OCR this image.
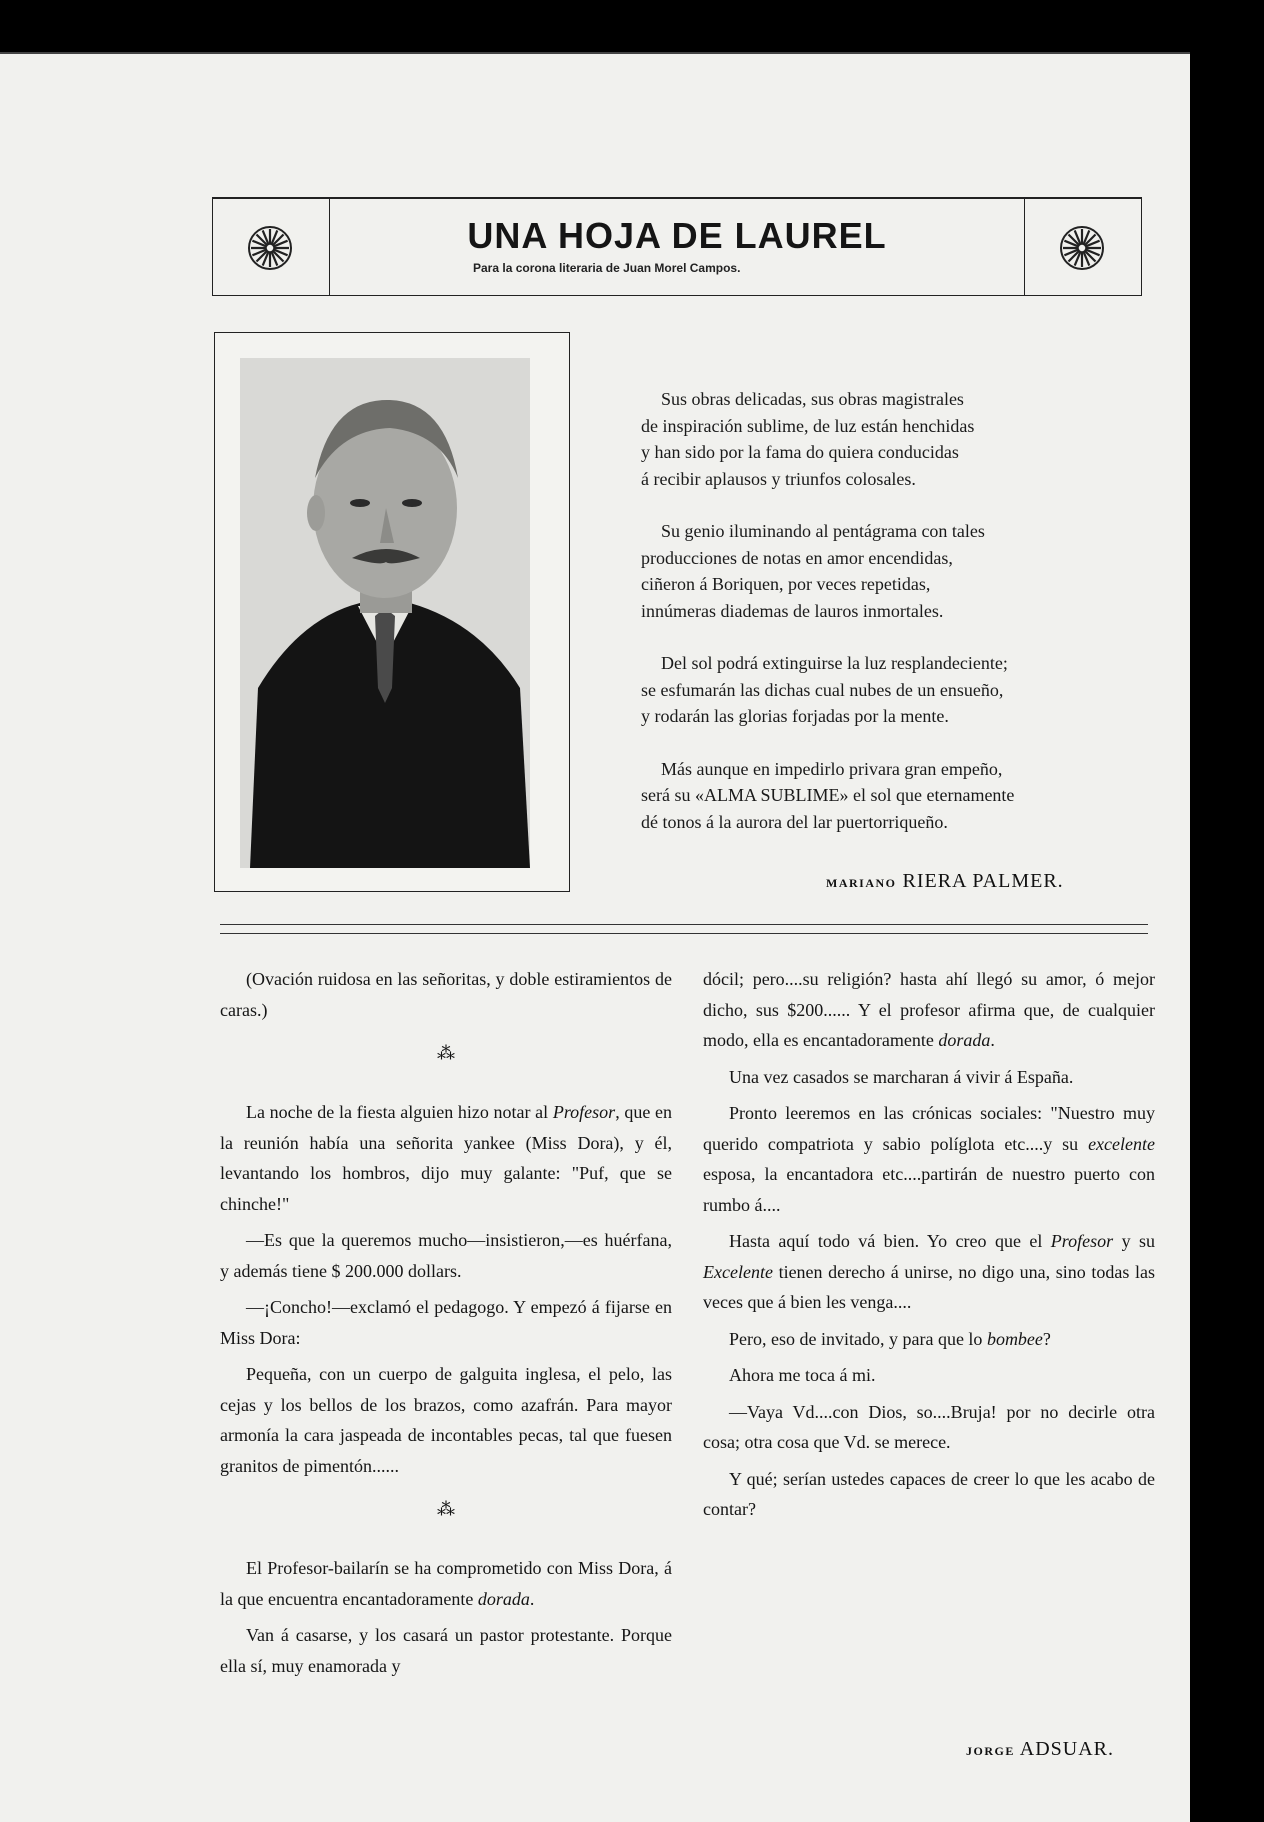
UNA HOJA DE LAUREL
Para la corona literaria de Juan Morel Campos.
Sus obras delicadas, sus obras magistrales
de inspiración sublime, de luz están henchidas
y han sido por la fama do quiera conducidas
á recibir aplausos y triunfos colosales.
Su genio iluminando al pentágrama con tales
producciones de notas en amor encendidas,
ciñeron á Boriquen, por veces repetidas,
innúmeras diademas de lauros inmortales.
Del sol podrá extinguirse la luz resplandeciente;
se esfumarán las dichas cual nubes de un ensueño,
y rodarán las glorias forjadas por la mente.
Más aunque en impedirlo privara gran empeño,
será su «ALMA SUBLIME» el sol que eternamente
dé tonos á la aurora del lar puertorriqueño.
MARIANO RIERA PALMER.

(Ovación ruidosa en las señoritas, y doble estiramientos de caras.)

⁂

La noche de la fiesta alguien hizo notar al Profesor, que en la reunión había una señorita yankee (Miss Dora), y él, levantando los hombros, dijo muy galante: "Puf, que se chinche!"

—Es que la queremos mucho—insistieron,—es huérfana, y además tiene $ 200.000 dollars.

—¡Concho!—exclamó el pedagogo. Y empezó á fijarse en Miss Dora:

Pequeña, con un cuerpo de galguita inglesa, el pelo, las cejas y los bellos de los brazos, como azafrán. Para mayor armonía la cara jaspeada de incontables pecas, tal que fuesen granitos de pimentón......

⁂

El Profesor-bailarín se ha comprometido con Miss Dora, á la que encuentra encantadoramente dorada.

Van á casarse, y los casará un pastor protestante. Porque ella sí, muy enamorada y

dócil; pero....su religión? hasta ahí llegó su amor, ó mejor dicho, sus $200...... Y el profesor afirma que, de cualquier modo, ella es encantadoramente dorada.

Una vez casados se marcharan á vivir á España.

Pronto leeremos en las crónicas sociales: "Nuestro muy querido compatriota y sabio políglota etc....y su excelente esposa, la encantadora etc....partirán de nuestro puerto con rumbo á....

Hasta aquí todo vá bien. Yo creo que el Profesor y su Excelente tienen derecho á unirse, no digo una, sino todas las veces que á bien les venga....

Pero, eso de invitado, y para que lo bombee?

Ahora me toca á mi.

—Vaya Vd....con Dios, so....Bruja! por no decirle otra cosa; otra cosa que Vd. se merece.

Y qué; serían ustedes capaces de creer lo que les acabo de contar?

JORGE ADSUAR.
